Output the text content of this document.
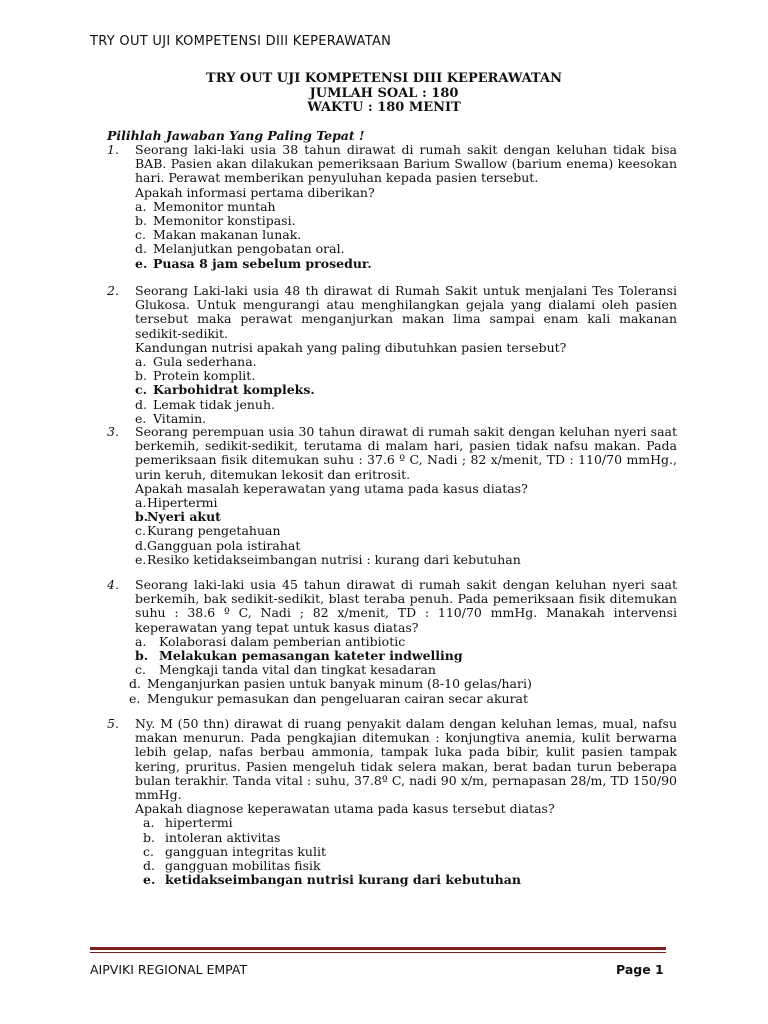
TRY OUT UJI KOMPETENSI DIII KEPERAWATAN
TRY OUT UJI KOMPETENSI DIII KEPERAWATAN
JUMLAH SOAL : 180
WAKTU : 180 MENIT
Pilihlah Jawaban Yang Paling Tepat !
1. Seorang laki-laki usia 38 tahun dirawat di rumah sakit dengan keluhan tidak bisa BAB. Pasien akan dilakukan pemeriksaan Barium Swallow (barium enema) keesokan hari. Perawat memberikan penyuluhan kepada pasien tersebut.
Apakah informasi pertama diberikan?
a. Memonitor muntah
b. Memonitor konstipasi.
c. Makan makanan lunak.
d. Melanjutkan pengobatan oral.
e. Puasa 8 jam sebelum prosedur.
2. Seorang Laki-laki usia 48 th dirawat di Rumah Sakit untuk menjalani Tes Toleransi Glukosa. Untuk mengurangi atau menghilangkan gejala yang dialami oleh pasien tersebut maka perawat menganjurkan makan lima sampai enam kali makanan sedikit-sedikit.
Kandungan nutrisi apakah yang paling dibutuhkan pasien tersebut?
a. Gula sederhana.
b. Protein komplit.
c. Karbohidrat kompleks.
d. Lemak tidak jenuh.
e. Vitamin.
3. Seorang perempuan usia 30 tahun dirawat di rumah sakit dengan keluhan nyeri saat berkemih, sedikit-sedikit, terutama di malam hari, pasien tidak nafsu makan. Pada pemeriksaan fisik ditemukan suhu : 37.6 º C, Nadi ; 82 x/menit, TD : 110/70 mmHg., urin keruh, ditemukan lekosit dan eritrosit.
Apakah masalah keperawatan yang utama pada kasus diatas?
a. Hipertermi
b.
Nyeri akut
c. Kurang pengetahuan
d. Gangguan pola istirahat
e. Resiko ketidakseimbangan nutrisi : kurang dari kebutuhan
4. Seorang laki-laki usia 45 tahun dirawat di rumah sakit dengan keluhan nyeri saat berkemih, bak sedikit-sedikit, blast teraba penuh. Pada pemeriksaan fisik ditemukan suhu : 38.6 º C, Nadi ; 82 x/menit, TD : 110/70 mmHg. Manakah intervensi keperawatan yang tepat untuk kasus diatas?
a.	Kolaborasi dalam pemberian antibiotic
b. Melakukan pemasangan kateter indwelling
c.	Mengkaji tanda vital dan tingkat kesadaran
d. Menganjurkan pasien untuk banyak minum (8-10 gelas/hari)
e. Mengukur pemasukan dan pengeluaran cairan secar akurat
5. Ny. M (50 thn) dirawat di ruang penyakit dalam dengan keluhan lemas, mual, nafsu makan menurun. Pada pengkajian ditemukan : konjungtiva anemia, kulit berwarna lebih gelap, nafas berbau ammonia, tampak luka pada bibir, kulit pasien tampak kering, pruritus. Pasien mengeluh tidak selera makan, berat badan turun beberapa bulan terakhir. Tanda vital : suhu, 37.8º C, nadi 90 x/m, pernapasan 28/m, TD 150/90 mmHg.
Apakah diagnose keperawatan utama pada kasus tersebut diatas?
a. hipertermi
b. intoleran aktivitas
c. gangguan integritas kulit
d. gangguan mobilitas fisik
e. ketidakseimbangan nutrisi kurang dari kebutuhan
AIPVIKI REGIONAL EMPAT	Page 1
